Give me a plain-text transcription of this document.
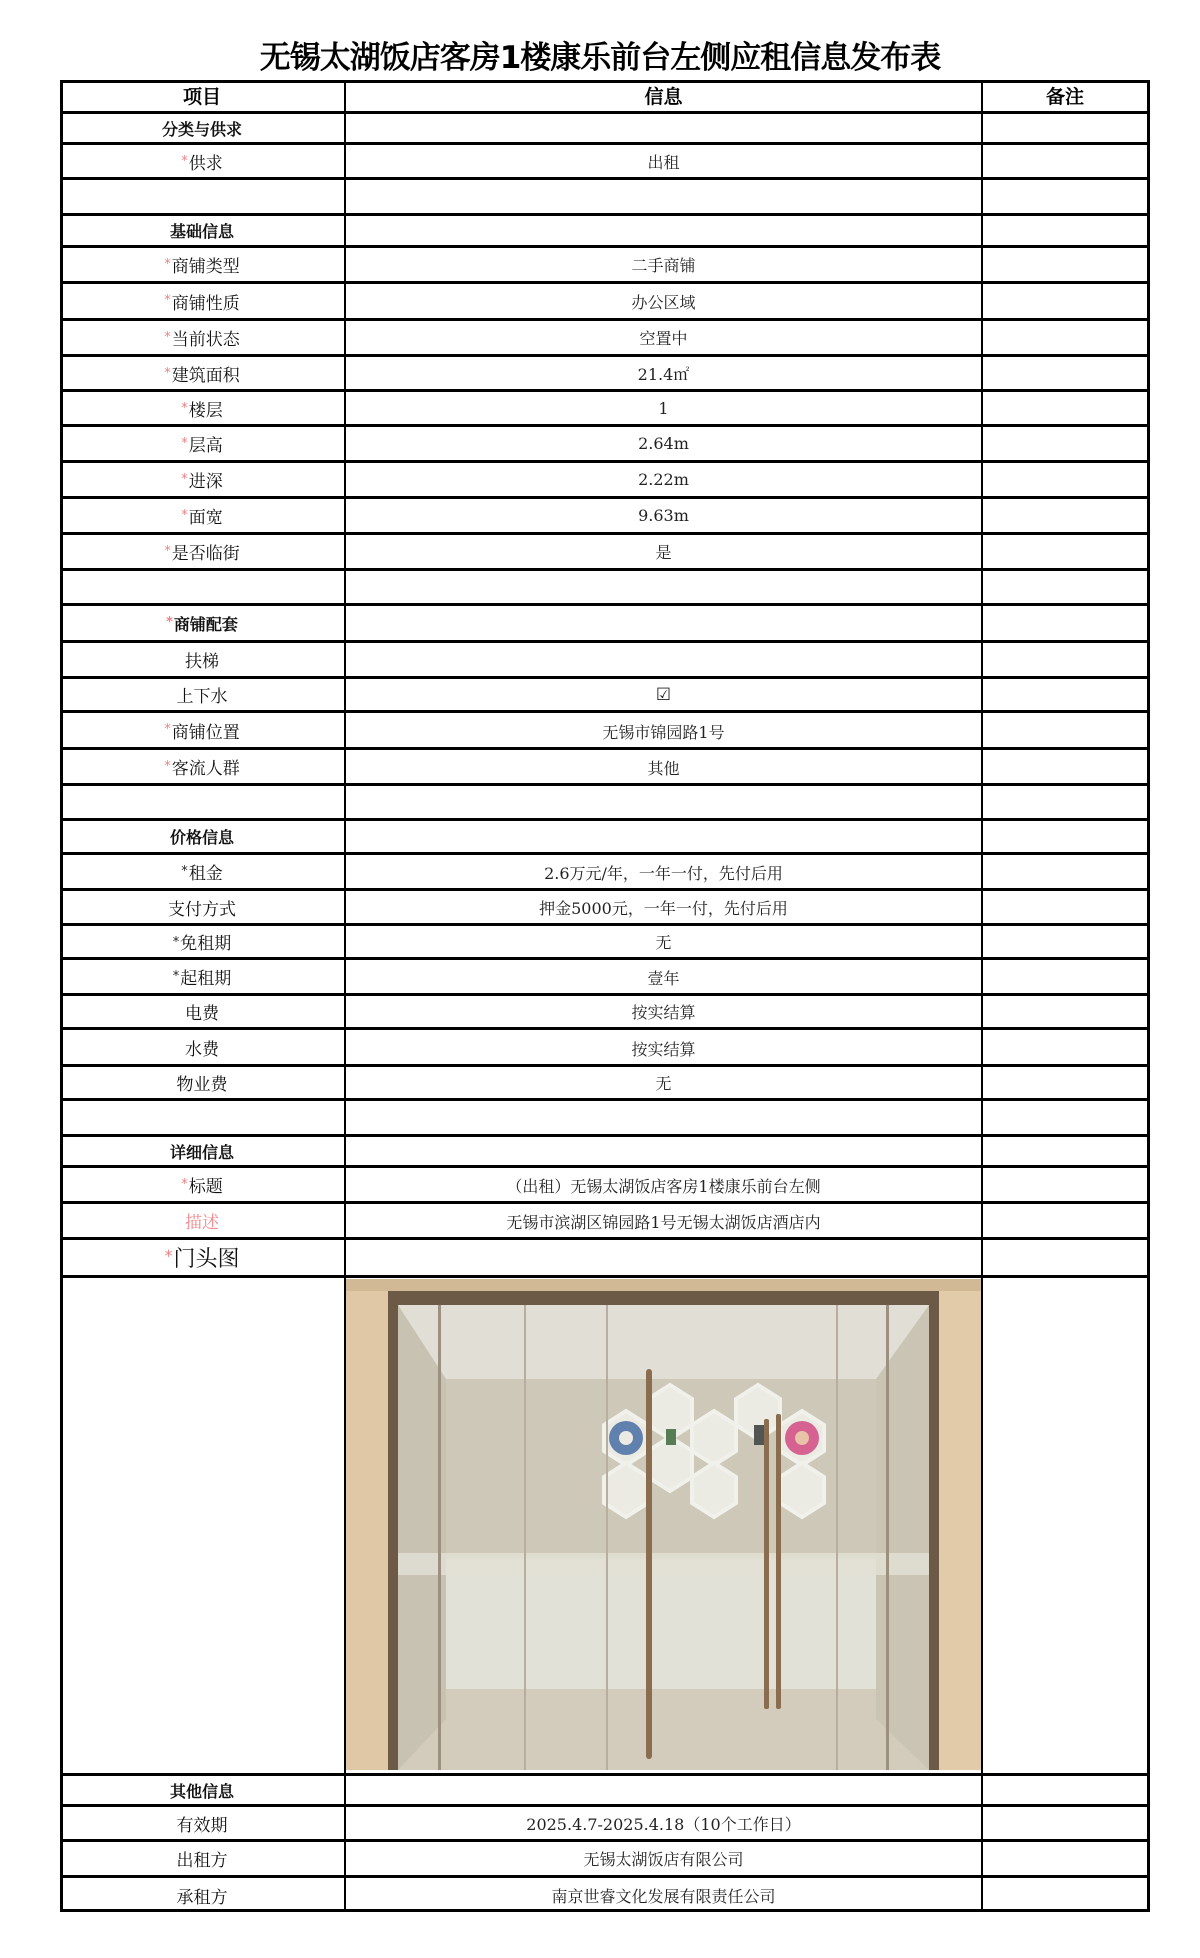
无锡太湖饭店客房1楼康乐前台左侧应租信息发布表
项目	信息	备注
分类与供求
* 供求	出租
基础信息
* 商铺类型	二手商铺
* 商铺性质	办公区域
* 当前状态	空置中
* 建筑面积	21.4㎡
* 楼层	1
* 层高	2.64m
* 进深	2.22m
* 面宽	9.63m
* 是否临街	是
* 商铺配套
扶梯
上下水	☑
* 商铺位置	无锡市锦园路1号
* 客流人群	其他
价格信息
* 租金	2.6万元/年，一年一付，先付后用
支付方式	押金5000元，一年一付，先付后用
* 免租期	无
* 起租期	壹年
电费	按实结算
水费	按实结算
物业费	无
详细信息
* 标题	（出租）无锡太湖饭店客房1楼康乐前台左侧
描述	无锡市滨湖区锦园路1号无锡太湖饭店酒店内
* 门头图
其他信息
有效期	2025.4.7-2025.4.18（10个工作日）
出租方	无锡太湖饭店有限公司
承租方	南京世睿文化发展有限责任公司
